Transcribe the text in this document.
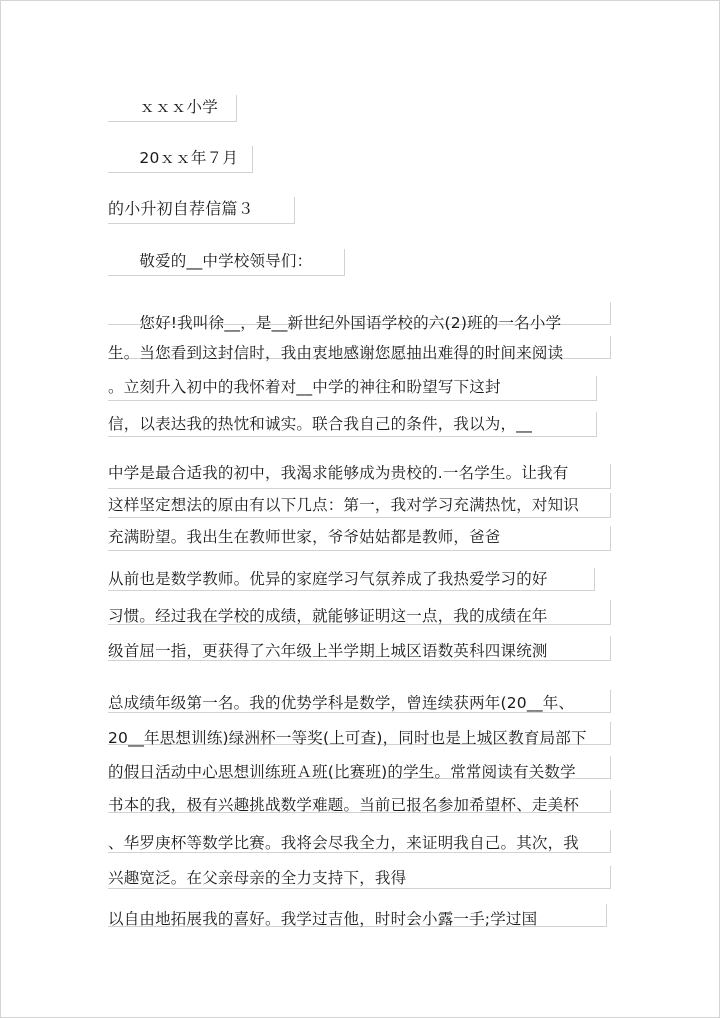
　　ｘｘｘ小学
　　20ｘｘ年７月
的小升初自荐信篇３
　　敬爱的__中学校领导们：
　　您好!我叫徐__，是__新世纪外国语学校的六(2)班的一名小学
生。当您看到这封信时，我由衷地感谢您愿抽出难得的时间来阅读
。立刻升入初中的我怀着对__中学的神往和盼望写下这封
信，以表达我的热忱和诚实。联合我自己的条件，我以为，__
中学是最合适我的初中，我渴求能够成为贵校的.一名学生。让我有
这样坚定想法的原由有以下几点：第一，我对学习充满热忱，对知识
充满盼望。我出生在教师世家，爷爷姑姑都是教师，爸爸
从前也是数学教师。优异的家庭学习气氛养成了我热爱学习的好
习惯。经过我在学校的成绩，就能够证明这一点，我的成绩在年
级首屈一指，更获得了六年级上半学期上城区语数英科四课统测
总成绩年级第一名。我的优势学科是数学，曾连续获两年(20__年、
20__年思想训练)绿洲杯一等奖(上可查)，同时也是上城区教育局部下
的假日活动中心思想训练班Ａ班(比赛班)的学生。常常阅读有关数学
书本的我，极有兴趣挑战数学难题。当前已报名参加希望杯、走美杯
、华罗庚杯等数学比赛。我将会尽我全力，来证明我自己。其次，我
兴趣宽泛。在父亲母亲的全力支持下，我得
以自由地拓展我的喜好。我学过吉他，时时会小露一手;学过国
